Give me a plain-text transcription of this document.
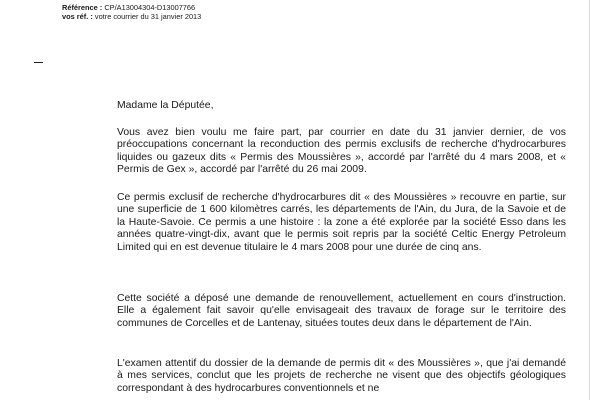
Référence : CP/A13004304-D13007766
vos réf. : votre courrier du 31 janvier 2013

Madame la Députée,

Vous avez bien voulu me faire part, par courrier en date du 31 janvier dernier, de vos préoccupations concernant la reconduction des permis exclusifs de recherche d'hydrocarbures liquides ou gazeux dits « Permis des Moussières », accordé par l'arrêté du 4 mars 2008, et « Permis de Gex », accordé par l'arrêté du 26 mai 2009.

Ce permis exclusif de recherche d'hydrocarbures dit « des Moussières » recouvre en partie, sur une superficie de 1 600 kilomètres carrés, les départements de l'Ain, du Jura, de la Savoie et de la Haute-Savoie. Ce permis a une histoire : la zone a été explorée par la société Esso dans les années quatre-vingt-dix, avant que le permis soit repris par la société Celtic Energy Petroleum Limited qui en est devenue titulaire le 4 mars 2008 pour une durée de cinq ans.

Cette société a déposé une demande de renouvellement, actuellement en cours d'instruction. Elle a également fait savoir qu'elle envisageait des travaux de forage sur le territoire des communes de Corcelles et de Lantenay, situées toutes deux dans le département de l'Ain.

L'examen attentif du dossier de la demande de permis dit « des Moussières », que j'ai demandé à mes services, conclut que les projets de recherche ne visent que des objectifs géologiques correspondant à des hydrocarbures conventionnels et ne
